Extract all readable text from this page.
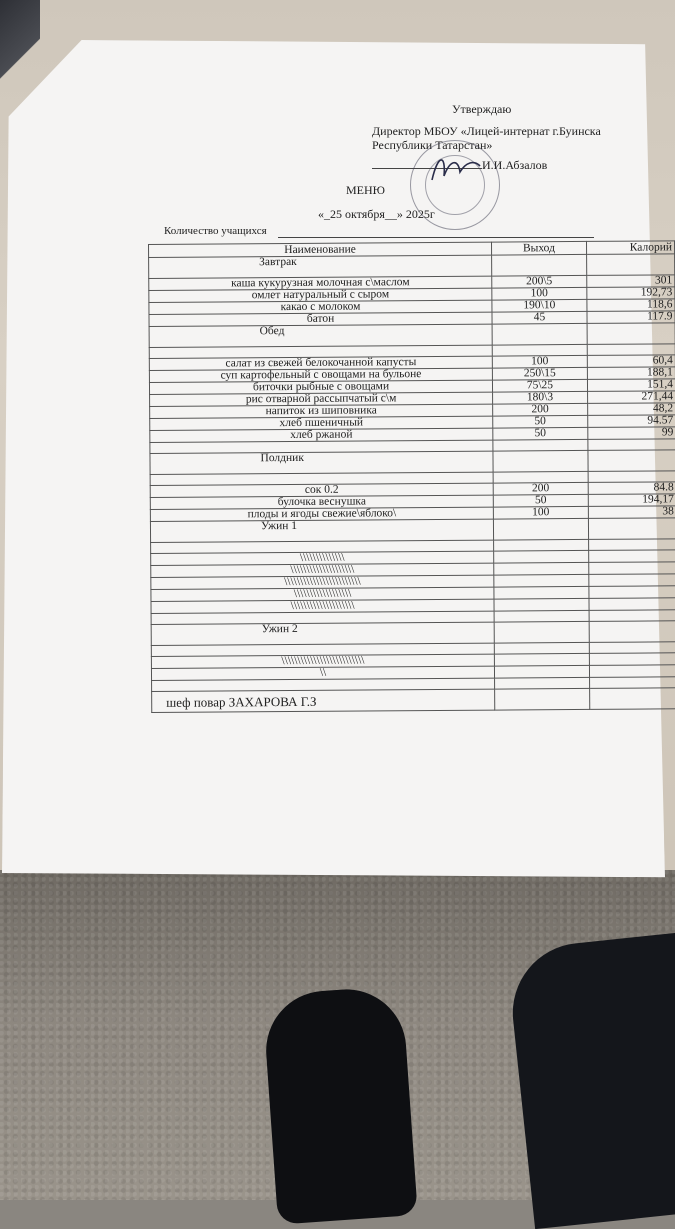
Утверждаю
Директор МБОУ «Лицей-интернат г.Буинска
Республики Татарстан»
И.И.Абзалов
МЕНЮ
«_25 октября__» 2025г
Количество учащихся
Наименование	Выход	Калорий
Завтрак		
каша кукурузная молочная с\маслом	200\5	301
омлет натуральный с сыром	100	192,73
какао с молоком	190\10	118,6
батон	45	117.9
Обед		

салат из свежей белокочанной капусты	100	60,4
суп картофельный с овощами на бульоне	250\15	188,1
биточки рыбные с овощами	75\25	151,4
рис отварной рассыпчатый с\м	180\3	271,44
напиток из шиповника	200	48,2
хлеб пшеничный	50	94.57
хлеб ржаной	50	99

Полдник		

сок 0.2	200	84.8
булочка веснушка	50	194,17
плоды и ягоды свежие\яблоко\	100	38
Ужин 1		

\\\\\\\\\\\\\\		
\\\\\\\\\\\\\\\\\\\\		
\\\\\\\\\\\\\\\\\\\\\\\\		
\\\\\\\\\\\\\\\\\\		
\\\\\\\\\\\\\\\\\\\\		

Ужин 2		

\\\\\\\\\\\\\\\\\\\\\\\\\\		
\\		

шеф повар ЗАХАРОВА Г.З		
